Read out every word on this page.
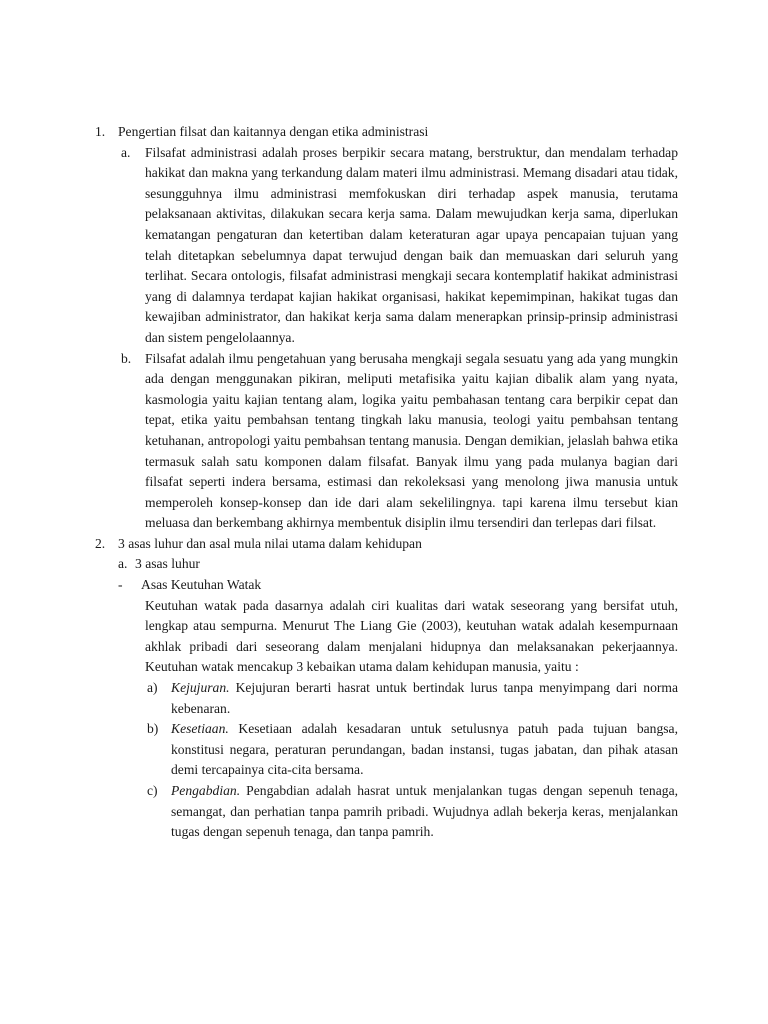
1. Pengertian filsat dan kaitannya dengan etika administrasi
a. Filsafat administrasi adalah proses berpikir secara matang, berstruktur, dan mendalam terhadap hakikat dan makna yang terkandung dalam materi ilmu administrasi. Memang disadari atau tidak, sesungguhnya ilmu administrasi memfokuskan diri terhadap aspek manusia, terutama pelaksanaan aktivitas, dilakukan secara kerja sama. Dalam mewujudkan kerja sama, diperlukan kematangan pengaturan dan ketertiban dalam keteraturan agar upaya pencapaian tujuan yang telah ditetapkan sebelumnya dapat terwujud dengan baik dan memuaskan dari seluruh yang terlihat. Secara ontologis, filsafat administrasi mengkaji secara kontemplatif hakikat administrasi yang di dalamnya terdapat kajian hakikat organisasi, hakikat kepemimpinan, hakikat tugas dan kewajiban administrator, dan hakikat kerja sama dalam menerapkan prinsip-prinsip administrasi dan sistem pengelolaannya.
b. Filsafat adalah ilmu pengetahuan yang berusaha mengkaji segala sesuatu yang ada yang mungkin ada dengan menggunakan pikiran, meliputi metafisika yaitu kajian dibalik alam yang nyata, kasmologia yaitu kajian tentang alam, logika yaitu pembahasan tentang cara berpikir cepat dan tepat, etika yaitu pembahsan tentang tingkah laku manusia, teologi yaitu pembahsan tentang ketuhanan, antropologi yaitu pembahsan tentang manusia. Dengan demikian, jelaslah bahwa etika termasuk salah satu komponen dalam filsafat. Banyak ilmu yang pada mulanya bagian dari filsafat seperti indera bersama, estimasi dan rekoleksasi yang menolong jiwa manusia untuk memperoleh konsep-konsep dan ide dari alam sekelilingnya. tapi karena ilmu tersebut kian meluasa dan berkembang akhirnya membentuk disiplin ilmu tersendiri dan terlepas dari filsat.
2. 3 asas luhur dan asal mula nilai utama dalam kehidupan
a. 3 asas luhur
- Asas Keutuhan Watak
Keutuhan watak pada dasarnya adalah ciri kualitas dari watak seseorang yang bersifat utuh, lengkap atau sempurna. Menurut The Liang Gie (2003), keutuhan watak adalah kesempurnaan akhlak pribadi dari seseorang dalam menjalani hidupnya dan melaksanakan pekerjaannya. Keutuhan watak mencakup 3 kebaikan utama dalam kehidupan manusia, yaitu :
a) Kejujuran. Kejujuran berarti hasrat untuk bertindak lurus tanpa menyimpang dari norma kebenaran.
b) Kesetiaan. Kesetiaan adalah kesadaran untuk setulusnya patuh pada tujuan bangsa, konstitusi negara, peraturan perundangan, badan instansi, tugas jabatan, dan pihak atasan demi tercapainya cita-cita bersama.
c) Pengabdian. Pengabdian adalah hasrat untuk menjalankan tugas dengan sepenuh tenaga, semangat, dan perhatian tanpa pamrih pribadi. Wujudnya adlah bekerja keras, menjalankan tugas dengan sepenuh tenaga, dan tanpa pamrih.
